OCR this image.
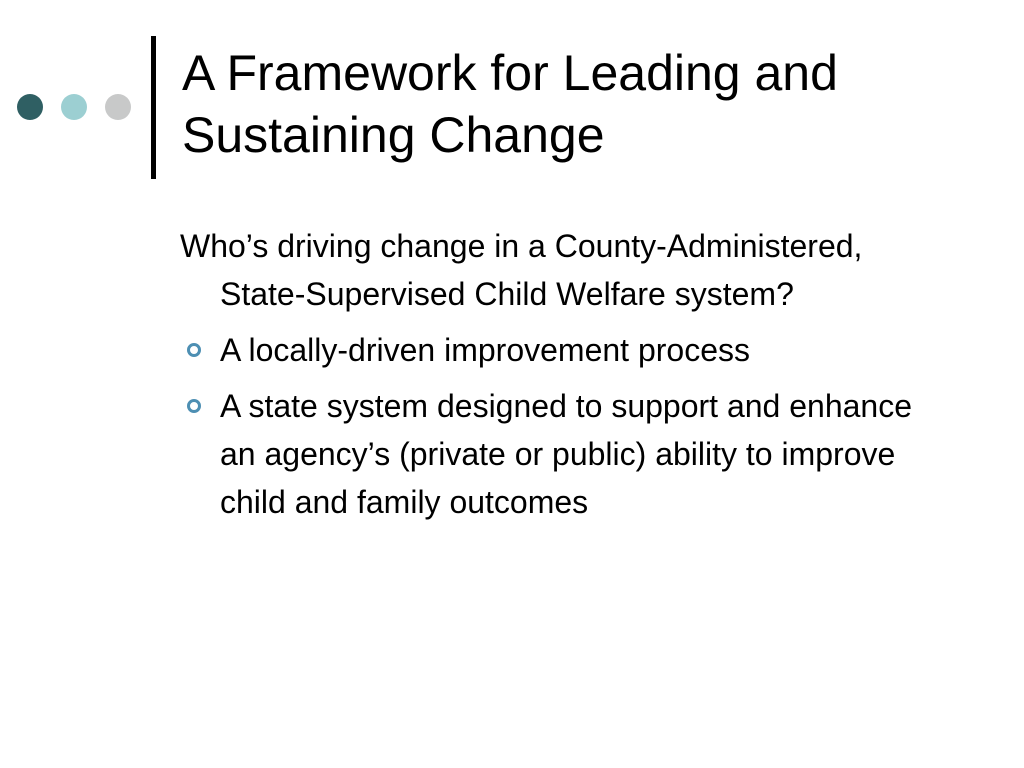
A Framework for Leading and Sustaining Change
Who’s driving change in a County-Administered, State-Supervised Child Welfare system?
A locally-driven improvement process
A state system designed to support and enhance an agency’s (private or public) ability to improve child and family outcomes
